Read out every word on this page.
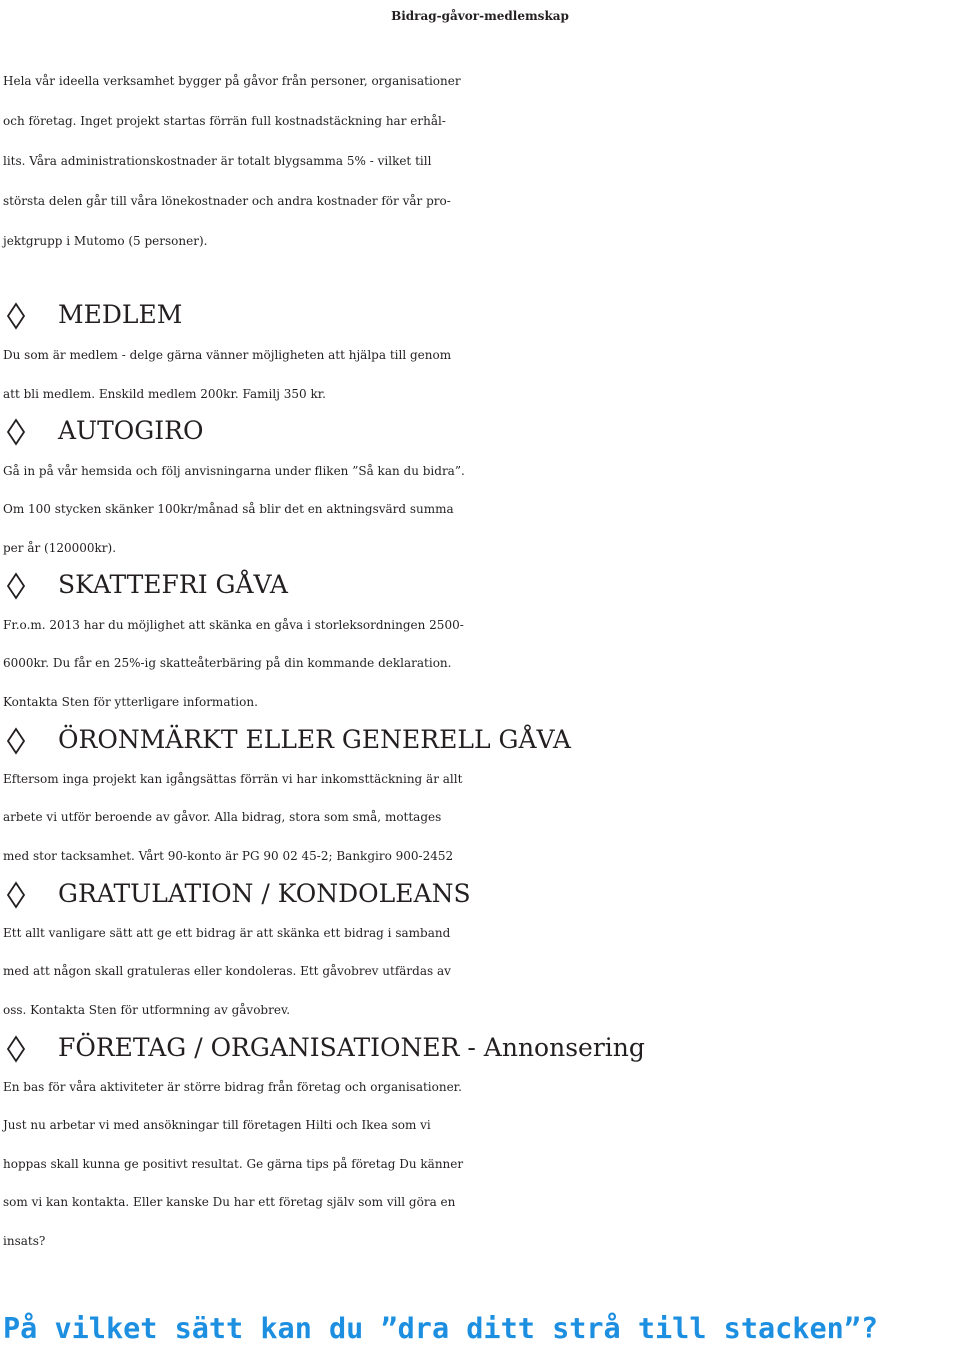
Bidrag-gåvor-medlemskap
Hela vår ideella verksamhet bygger på gåvor från personer, organisationer
och företag. Inget projekt startas förrän full kostnadstäckning har erhål-
lits. Våra administrationskostnader är totalt blygsamma 5% - vilket till
största delen går till våra lönekostnader och andra kostnader för vår pro-
jektgrupp i Mutomo (5 personer).
MEDLEM
Du som är medlem - delge gärna vänner möjligheten att hjälpa till genom
att bli medlem. Enskild medlem 200kr. Familj 350 kr.
AUTOGIRO
Gå in på vår hemsida och följ anvisningarna under fliken ”Så kan du bidra”.
Om 100 stycken skänker 100kr/månad så blir det en aktningsvärd summa
per år (120000kr).
SKATTEFRI GÅVA
Fr.o.m. 2013 har du möjlighet att skänka en gåva i storleksordningen 2500-
6000kr. Du får en 25%-ig skatteåterbäring på din kommande deklaration.
Kontakta Sten för ytterligare information.
ÖRONMÄRKT ELLER GENERELL GÅVA
Eftersom inga projekt kan igångsättas förrän vi har inkomsttäckning är allt
arbete vi utför beroende av gåvor. Alla bidrag, stora som små, mottages
med stor tacksamhet. Vårt 90-konto är PG 90 02 45-2; Bankgiro 900-2452
GRATULATION / KONDOLEANS
Ett allt vanligare sätt att ge ett bidrag är att skänka ett bidrag i samband
med att någon skall gratuleras eller kondoleras. Ett gåvobrev utfärdas av
oss. Kontakta Sten för utformning av gåvobrev.
FÖRETAG / ORGANISATIONER - Annonsering
En bas för våra aktiviteter är större bidrag från företag och organisationer.
Just nu arbetar vi med ansökningar till företagen Hilti och Ikea som vi
hoppas skall kunna ge positivt resultat. Ge gärna tips på företag Du känner
som vi kan kontakta. Eller kanske Du har ett företag själv som vill göra en
insats?
På vilket sätt kan du ”dra ditt strå till stacken”?
